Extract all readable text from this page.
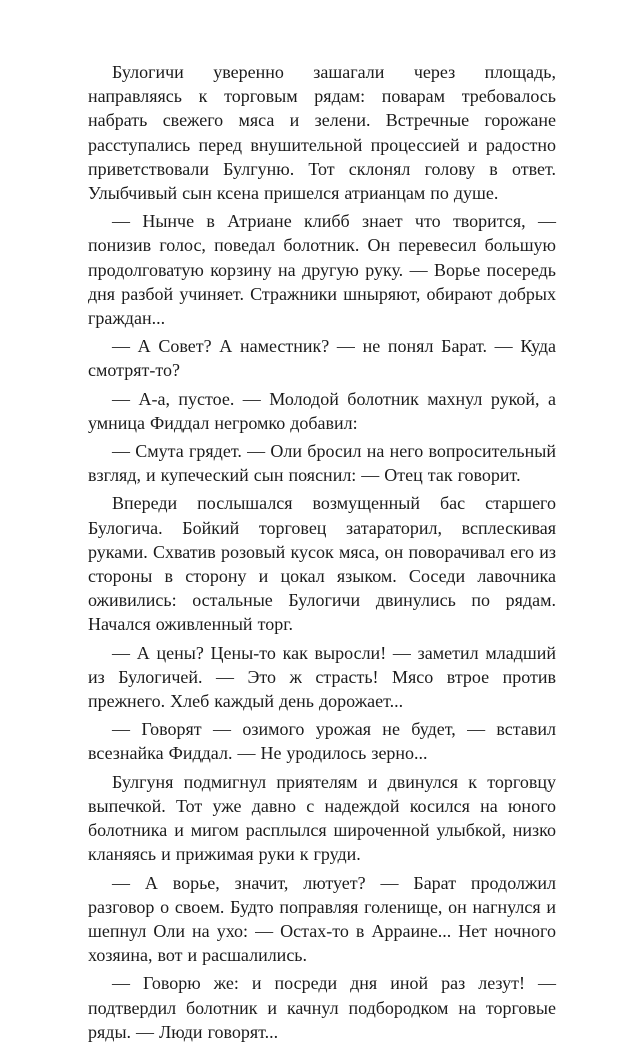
Булогичи уверенно зашагали через площадь, направляясь к торговым рядам: поварам требовалось набрать свежего мяса и зелени. Встречные горожане расступались перед внушительной процессией и радостно приветствовали Булгуню. Тот склонял голову в ответ. Улыбчивый сын ксена пришелся атрианцам по душе.

— Нынче в Атриане клибб знает что творится, — понизив голос, поведал болотник. Он перевесил большую продолговатую корзину на другую руку. — Ворье посередь дня разбой учиняет. Стражники шныряют, обирают добрых граждан...

— А Совет? А наместник? — не понял Барат. — Куда смотрят-то?

— А-а, пустое. — Молодой болотник махнул рукой, а умница Фиддал негромко добавил:

— Смута грядет. — Оли бросил на него вопросительный взгляд, и купеческий сын пояснил: — Отец так говорит.

Впереди послышался возмущенный бас старшего Булогича. Бойкий торговец затараторил, всплескивая руками. Схватив розовый кусок мяса, он поворачивал его из стороны в сторону и цокал языком. Соседи лавочника оживились: остальные Булогичи двинулись по рядам. Начался оживленный торг.

— А цены? Цены-то как выросли! — заметил младший из Булогичей. — Это ж страсть! Мясо втрое против прежнего. Хлеб каждый день дорожает...

— Говорят — озимого урожая не будет, — вставил всезнайка Фиддал. — Не уродилось зерно...

Булгуня подмигнул приятелям и двинулся к торговцу выпечкой. Тот уже давно с надеждой косился на юного болотника и мигом расплылся широченной улыбкой, низко кланяясь и прижимая руки к груди.

— А ворье, значит, лютует? — Барат продолжил разговор о своем. Будто поправляя голенище, он нагнулся и шепнул Оли на ухо: — Остах-то в Арраине... Нет ночного хозяина, вот и расшалились.

— Говорю же: и посреди дня иной раз лезут! — подтвердил болотник и качнул подбородком на торговые ряды. — Люди говорят...
